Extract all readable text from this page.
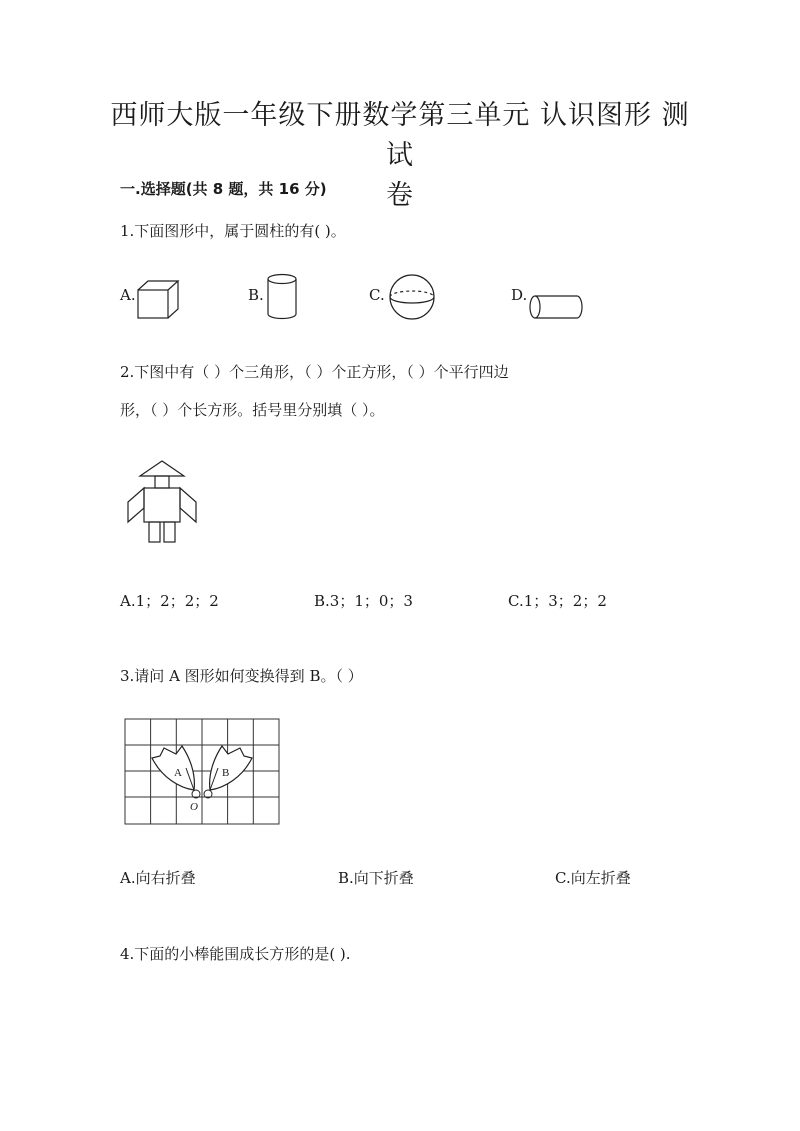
西师大版一年级下册数学第三单元 认识图形 测试
卷
一.选择题(共 8 题，共 16 分)
1.下面图形中，属于圆柱的有( )。
A.	B.	C.	D.
2.下图中有（ ）个三角形，（ ）个正方形，（ ）个平行四边
形，（ ）个长方形。括号里分别填（ ）。
A.1；2；2；2	B.3；1；0；3	C.1；3；2；2
3.请问 A 图形如何变换得到 B。（ ）
A	B
O
A.向右折叠	B.向下折叠	C.向左折叠
4.下面的小棒能围成长方形的是( ).
